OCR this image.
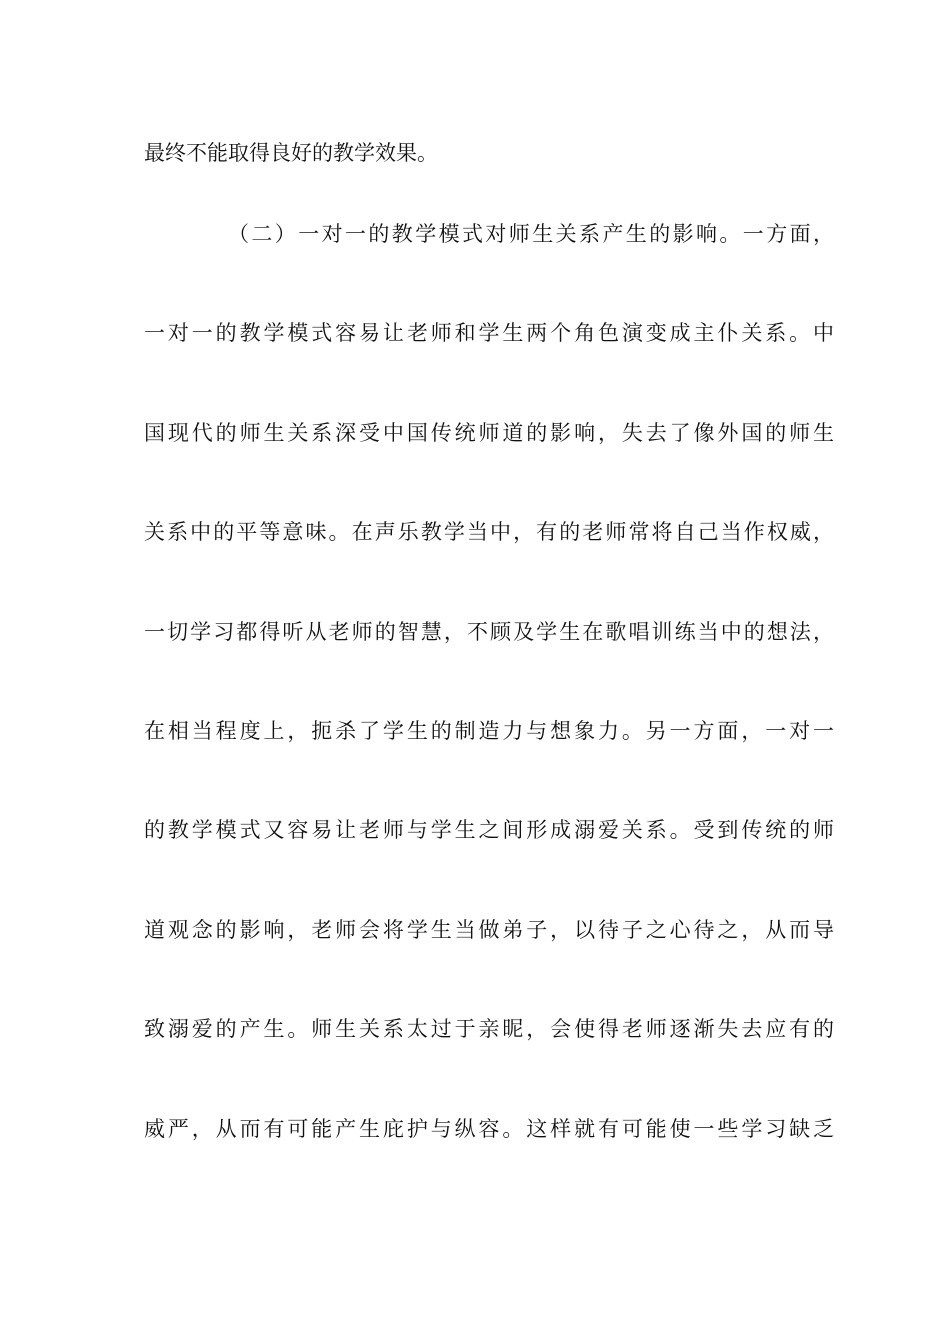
最终不能取得良好的教学效果。
（二）一对一的教学模式对师生关系产生的影响。一方面，
一对一的教学模式容易让老师和学生两个角色演变成主仆关系。中
国现代的师生关系深受中国传统师道的影响，失去了像外国的师生
关系中的平等意味。在声乐教学当中，有的老师常将自己当作权威，
一切学习都得听从老师的智慧，不顾及学生在歌唱训练当中的想法，
在相当程度上，扼杀了学生的制造力与想象力。另一方面，一对一
的教学模式又容易让老师与学生之间形成溺爱关系。受到传统的师
道观念的影响，老师会将学生当做弟子，以待子之心待之，从而导
致溺爱的产生。师生关系太过于亲昵，会使得老师逐渐失去应有的
威严，从而有可能产生庇护与纵容。这样就有可能使一些学习缺乏
